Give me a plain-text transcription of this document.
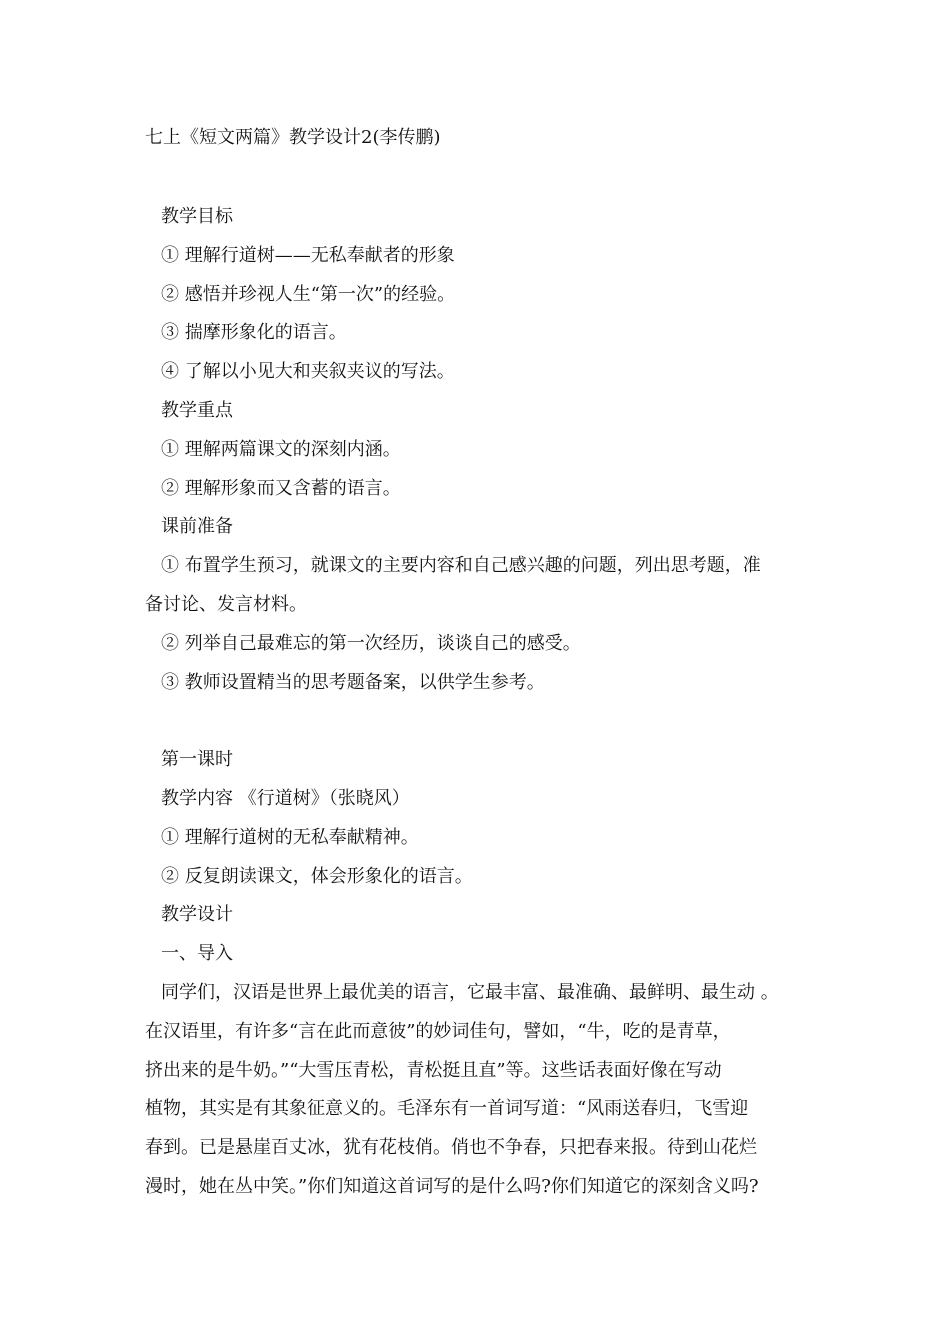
七上《短文两篇》教学设计2(李传鹏)
教学目标
① 理解行道树——无私奉献者的形象
② 感悟并珍视人生“第一次”的经验。
③ 揣摩形象化的语言。
④ 了解以小见大和夹叙夹议的写法。
教学重点
① 理解两篇课文的深刻内涵。
② 理解形象而又含蓄的语言。
课前准备
① 布置学生预习，就课文的主要内容和自己感兴趣的问题，列出思考题，准
备讨论、发言材料。
② 列举自己最难忘的第一次经历，谈谈自己的感受。
③ 教师设置精当的思考题备案，以供学生参考。
第一课时
教学内容 《行道树》（张晓风）
① 理解行道树的无私奉献精神。
② 反复朗读课文，体会形象化的语言。
教学设计
一、导入
同学们，汉语是世界上最优美的语言，它最丰富、最准确、最鲜明、最生动 。
在汉语里，有许多“言在此而意彼”的妙词佳句，譬如，“牛，吃的是青草，
挤出来的是牛奶。”“大雪压青松，青松挺且直”等。这些话表面好像在写动
植物，其实是有其象征意义的。毛泽东有一首词写道：“风雨送春归，飞雪迎
春到。已是悬崖百丈冰，犹有花枝俏。俏也不争春，只把春来报。待到山花烂
漫时，她在丛中笑。”你们知道这首词写的是什么吗?你们知道它的深刻含义吗?
